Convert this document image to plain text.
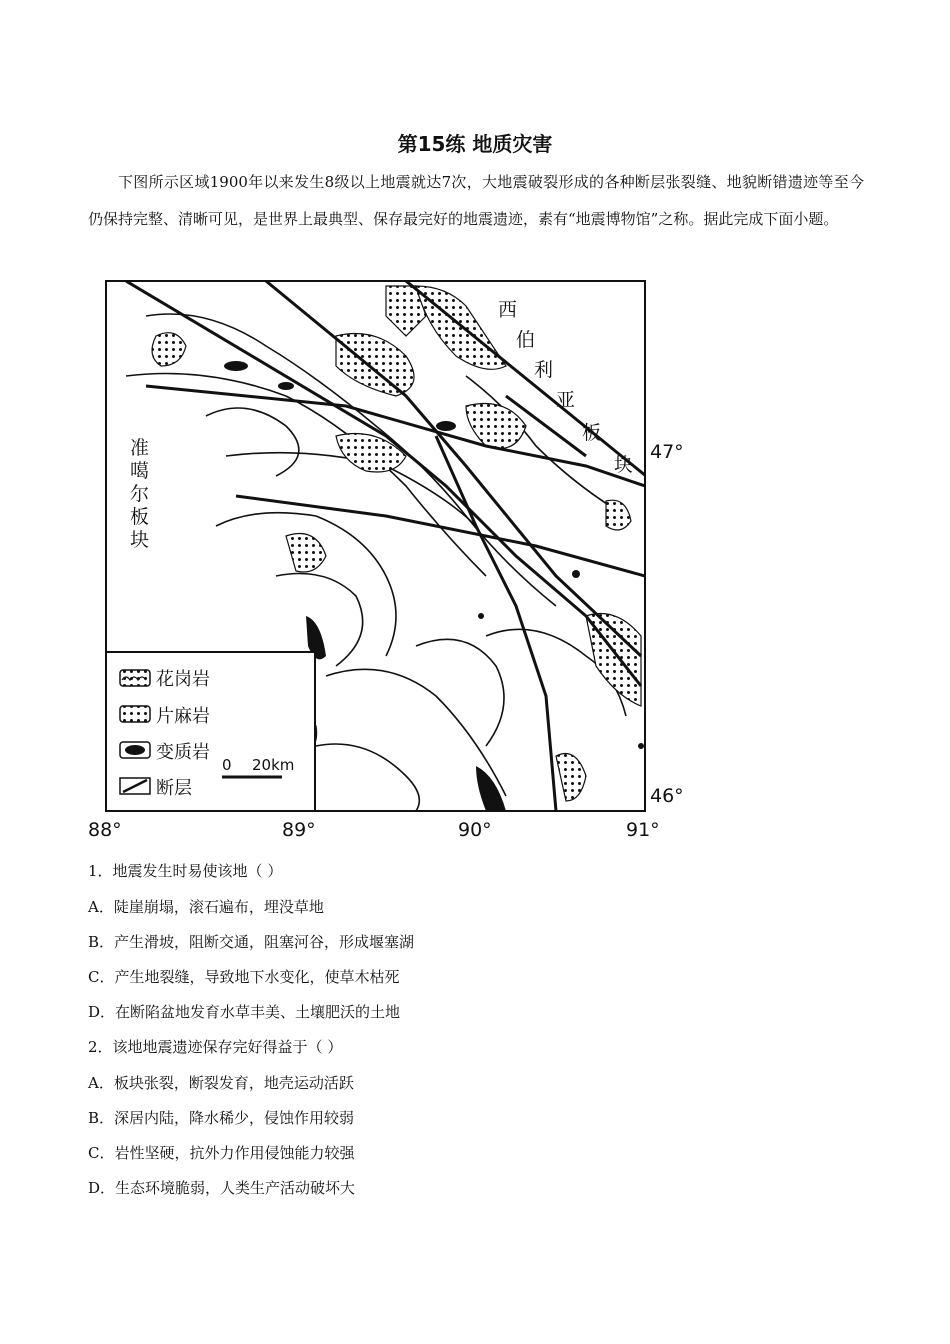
第15练 地质灾害
下图所示区域1900年以来发生8级以上地震就达7次，大地震破裂形成的各种断层张裂缝、地貌断错遗迹等至今仍保持完整、清晰可见，是世界上最典型、保存最完好的地震遗迹，素有“地震博物馆”之称。据此完成下面小题。
花岗岩
片麻岩
变质岩
断层
0 20km
西
伯
利
亚
板
块
准
噶
尔
板
块
47°
46°
88°	89°	90°	91°
1．地震发生时易使该地（ ）
A．陡崖崩塌，滚石遍布，埋没草地
B．产生滑坡，阻断交通，阻塞河谷，形成堰塞湖
C．产生地裂缝，导致地下水变化，使草木枯死
D．在断陷盆地发育水草丰美、土壤肥沃的土地
2．该地地震遗迹保存完好得益于（ ）
A．板块张裂，断裂发育，地壳运动活跃
B．深居内陆，降水稀少，侵蚀作用较弱
C．岩性坚硬，抗外力作用侵蚀能力较强
D．生态环境脆弱，人类生产活动破坏大
